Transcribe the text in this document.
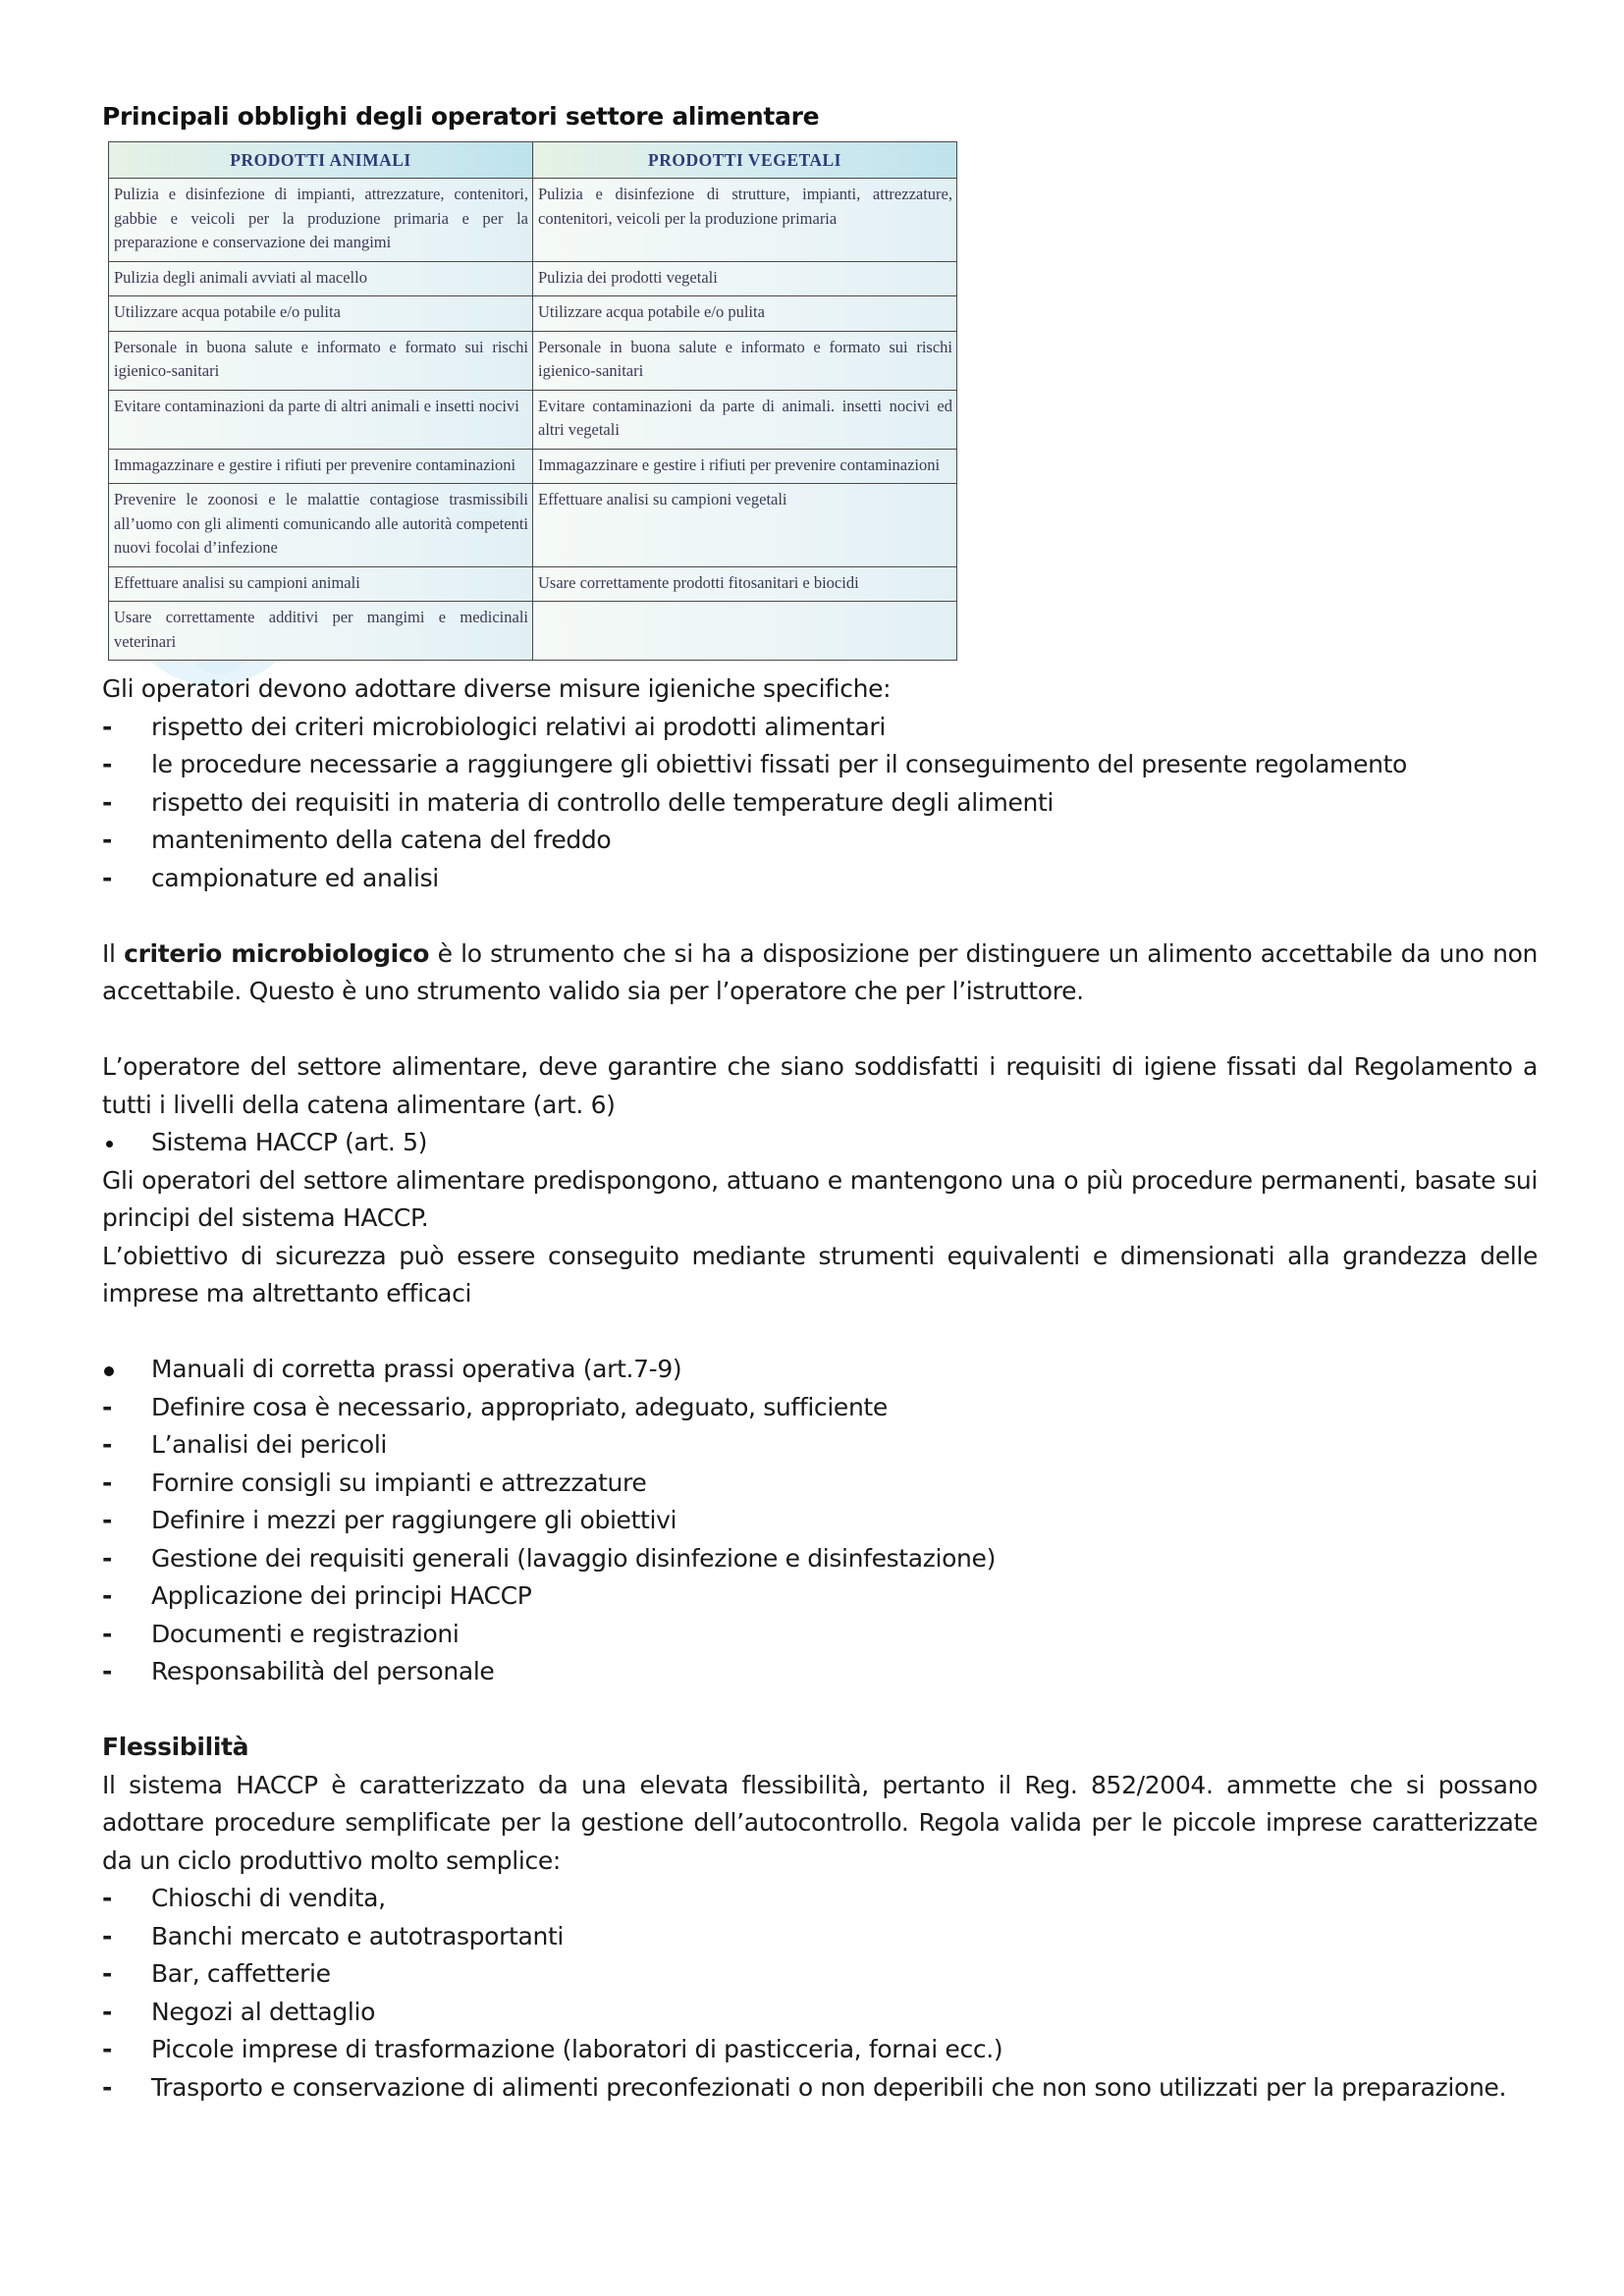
Principali obblighi degli operatori settore alimentare
PRODOTTI ANIMALI	PRODOTTI VEGETALI
Pulizia e disinfezione di impianti, attrezzature, contenitori, gabbie e veicoli per la produzione primaria e per la preparazione e conservazione dei mangimi	Pulizia e disinfezione di strutture, impianti, attrezzature, contenitori, veicoli per la produzione primaria
Pulizia degli animali avviati al macello	Pulizia dei prodotti vegetali
Utilizzare acqua potabile e/o pulita	Utilizzare acqua potabile e/o pulita
Personale in buona salute e informato e formato sui rischi igienico-sanitari	Personale in buona salute e informato e formato sui rischi igienico-sanitari
Evitare contaminazioni da parte di altri animali e insetti nocivi	Evitare contaminazioni da parte di animali. insetti nocivi ed altri vegetali
Immagazzinare e gestire i rifiuti per prevenire contaminazioni	Immagazzinare e gestire i rifiuti per prevenire contaminazioni
Prevenire le zoonosi e le malattie contagiose trasmissibili all’uomo con gli alimenti comunicando alle autorità competenti nuovi focolai d’infezione	Effettuare analisi su campioni vegetali
Effettuare analisi su campioni animali	Usare correttamente prodotti fitosanitari e biocidi
Usare correttamente additivi per mangimi e medicinali veterinari	

Gli operatori devono adottare diverse misure igieniche specifiche:

-	rispetto dei criteri microbiologici relativi ai prodotti alimentari
-	le procedure necessarie a raggiungere gli obiettivi fissati per il conseguimento del presente regolamento
-	rispetto dei requisiti in materia di controllo delle temperature degli alimenti
-	mantenimento della catena del freddo
-	campionature ed analisi

Il criterio microbiologico è lo strumento che si ha a disposizione per distinguere un alimento accettabile da uno non accettabile. Questo è uno strumento valido sia per l’operatore che per l’istruttore.

L’operatore del settore alimentare, deve garantire che siano soddisfatti i requisiti di igiene fissati dal Regolamento a tutti i livelli della catena alimentare (art. 6)

Sistema HACCP (art. 5)

Gli operatori del settore alimentare predispongono, attuano e mantengono una o più procedure permanenti, basate sui principi del sistema HACCP.

L’obiettivo di sicurezza può essere conseguito mediante strumenti equivalenti e dimensionati alla grandezza delle imprese ma altrettanto efficaci

Manuali di corretta prassi operativa (art.7-9)
-	Definire cosa è necessario, appropriato, adeguato, sufficiente
-	L’analisi dei pericoli
-	Fornire consigli su impianti e attrezzature
-	Definire i mezzi per raggiungere gli obiettivi
-	Gestione dei requisiti generali (lavaggio disinfezione e disinfestazione)
-	Applicazione dei principi HACCP
-	Documenti e registrazioni
-	Responsabilità del personale

Flessibilità

Il sistema HACCP è caratterizzato da una elevata flessibilità, pertanto il Reg. 852/2004. ammette che si possano adottare procedure semplificate per la gestione dell’autocontrollo. Regola valida per le piccole imprese caratterizzate da un ciclo produttivo molto semplice:

-	Chioschi di vendita,
-	Banchi mercato e autotrasportanti
-	Bar, caffetterie
-	Negozi al dettaglio
-	Piccole imprese di trasformazione (laboratori di pasticceria, fornai ecc.)
-	Trasporto e conservazione di alimenti preconfezionati o non deperibili che non sono utilizzati per la preparazione.
